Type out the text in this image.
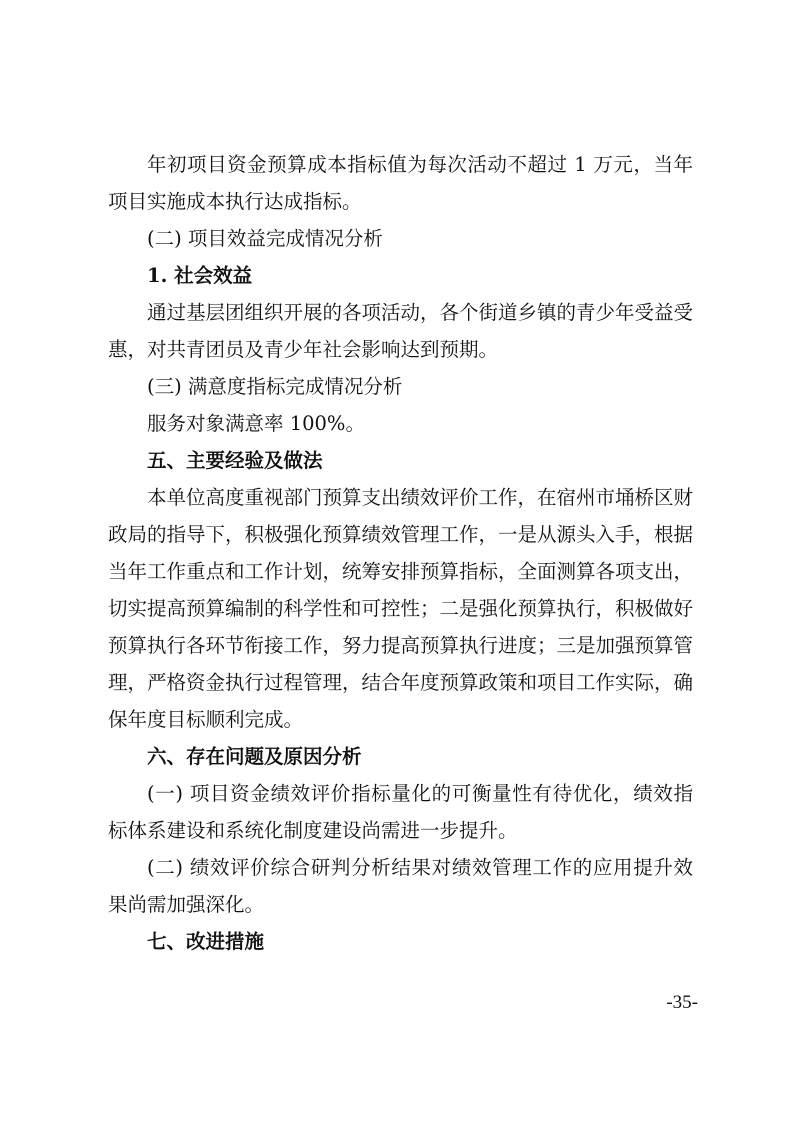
年初项目资金预算成本指标值为每次活动不超过 1 万元，当年项目实施成本执行达成指标。

(二) 项目效益完成情况分析

1. 社会效益

通过基层团组织开展的各项活动，各个街道乡镇的青少年受益受惠，对共青团员及青少年社会影响达到预期。

(三) 满意度指标完成情况分析

服务对象满意率 100%。

五、主要经验及做法

本单位高度重视部门预算支出绩效评价工作，在宿州市埇桥区财政局的指导下，积极强化预算绩效管理工作，一是从源头入手，根据当年工作重点和工作计划，统筹安排预算指标，全面测算各项支出，切实提高预算编制的科学性和可控性；二是强化预算执行，积极做好预算执行各环节衔接工作，努力提高预算执行进度；三是加强预算管理，严格资金执行过程管理，结合年度预算政策和项目工作实际，确保年度目标顺利完成。

六、存在问题及原因分析

(一) 项目资金绩效评价指标量化的可衡量性有待优化，绩效指标体系建设和系统化制度建设尚需进一步提升。

(二) 绩效评价综合研判分析结果对绩效管理工作的应用提升效果尚需加强深化。

七、改进措施

-35-
